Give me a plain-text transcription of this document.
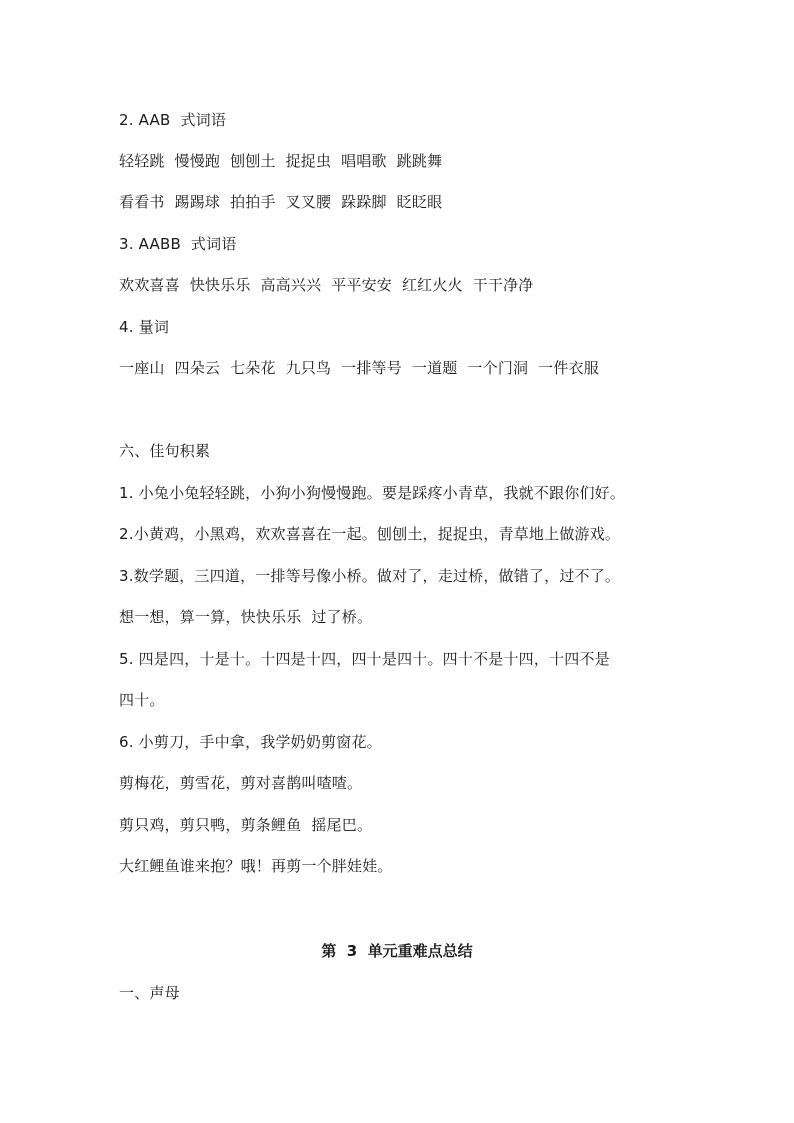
2. AAB  式词语
轻轻跳  慢慢跑  刨刨土  捉捉虫  唱唱歌  跳跳舞
看看书  踢踢球  拍拍手  叉叉腰  跺跺脚  眨眨眼
3. AABB  式词语
欢欢喜喜  快快乐乐  高高兴兴  平平安安  红红火火  干干净净
4. 量词
一座山  四朵云  七朵花  九只鸟  一排等号  一道题  一个门洞  一件衣服
六、佳句积累
1. 小兔小兔轻轻跳，小狗小狗慢慢跑。要是踩疼小青草，我就不跟你们好。
2.小黄鸡，小黑鸡，欢欢喜喜在一起。刨刨土，捉捉虫，青草地上做游戏。
3.数学题，三四道，一排等号像小桥。做对了，走过桥，做错了，过不了。
想一想，算一算，快快乐乐  过了桥。
5. 四是四，十是十。十四是十四，四十是四十。四十不是十四，十四不是
四十。
6. 小剪刀，手中拿，我学奶奶剪窗花。
剪梅花，剪雪花，剪对喜鹊叫喳喳。
剪只鸡，剪只鸭，剪条鲤鱼  摇尾巴。
大红鲤鱼谁来抱？哦！再剪一个胖娃娃。
第  3  单元重难点总结
一、声母
